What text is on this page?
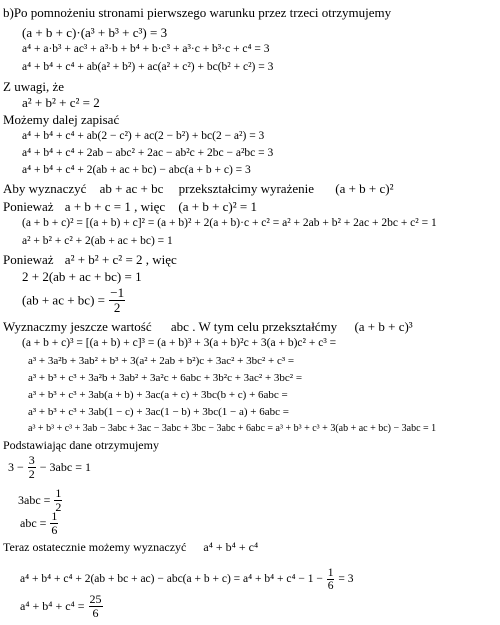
b)Po pomnożeniu stronami pierwszego warunku przez trzeci otrzymujemy
(a + b + c)·(a³ + b³ + c³) = 3
a⁴ + a·b³ + ac³ + a³·b + b⁴ + b·c³ + a³·c + b³·c + c⁴ = 3
a⁴ + b⁴ + c⁴ + ab(a² + b²) + ac(a² + c²) + bc(b² + c²) = 3
Z uwagi, że
a² + b² + c² = 2
Możemy dalej zapisać
a⁴ + b⁴ + c⁴ + ab(2 − c²) + ac(2 − b²) + bc(2 − a²) = 3
a⁴ + b⁴ + c⁴ + 2ab − abc² + 2ac − ab²c + 2bc − a²bc = 3
a⁴ + b⁴ + c⁴ + 2(ab + ac + bc) − abc(a + b + c) = 3
Aby wyznaczyć ab + ac + bc przekształcimy wyrażenie (a + b + c)²
Ponieważ a + b + c = 1 , więc (a + b + c)² = 1
(a + b + c)² = [(a + b) + c]² = (a + b)² + 2(a + b)·c + c² = a² + 2ab + b² + 2ac + 2bc + c² = 1
a² + b² + c² + 2(ab + ac + bc) = 1
Ponieważ a² + b² + c² = 2 , więc
2 + 2(ab + ac + bc) = 1
(ab + ac + $bc) = \frac{-1}{2}$
Wyznaczmy jeszcze wartość abc . W tym celu przekształćmy (a + b + c)³
(a + b + c)³ = [(a + b) + c]³ = (a + b)³ + 3(a + b)²c + 3(a + b)c² + c³ =
a³ + 3a²b + 3ab² + b³ + 3(a² + 2ab + b²)c + 3ac² + 3bc² + c³ =
a³ + b³ + c³ + 3a²b + 3ab² + 3a²c + 6abc + 3b²c + 3ac² + 3bc² =
a³ + b³ + c³ + 3ab(a + b) + 3ac(a + c) + 3bc(b + c) + 6abc =
a³ + b³ + c³ + 3ab(1 − c) + 3ac(1 − b) + 3bc(1 − a) + 6abc =
a³ + b³ + c³ + 3ab − 3abc + 3ac − 3abc + 3bc − 3abc + 6abc = a³ + b³ + c³ + 3(ab + ac + bc) − 3abc = 1
Podstawiając dane otrzymujemy
$3 - \frac{3}{2} - 3abc = 1$
$3abc = \frac{1}{2}$
abc = $\frac{1}{6}$
Teraz ostatecznie możemy wyznaczyć a⁴ + b⁴ + c⁴
a⁴ + b⁴ + c⁴ + 2(ab + bc + $ac) - abc(a + b + c) = a^4 + b^4 + c^4 - 1 - \frac{1}{6} = 3$
$a^4 + b^4 + c^4 = \frac{25}{6}$
